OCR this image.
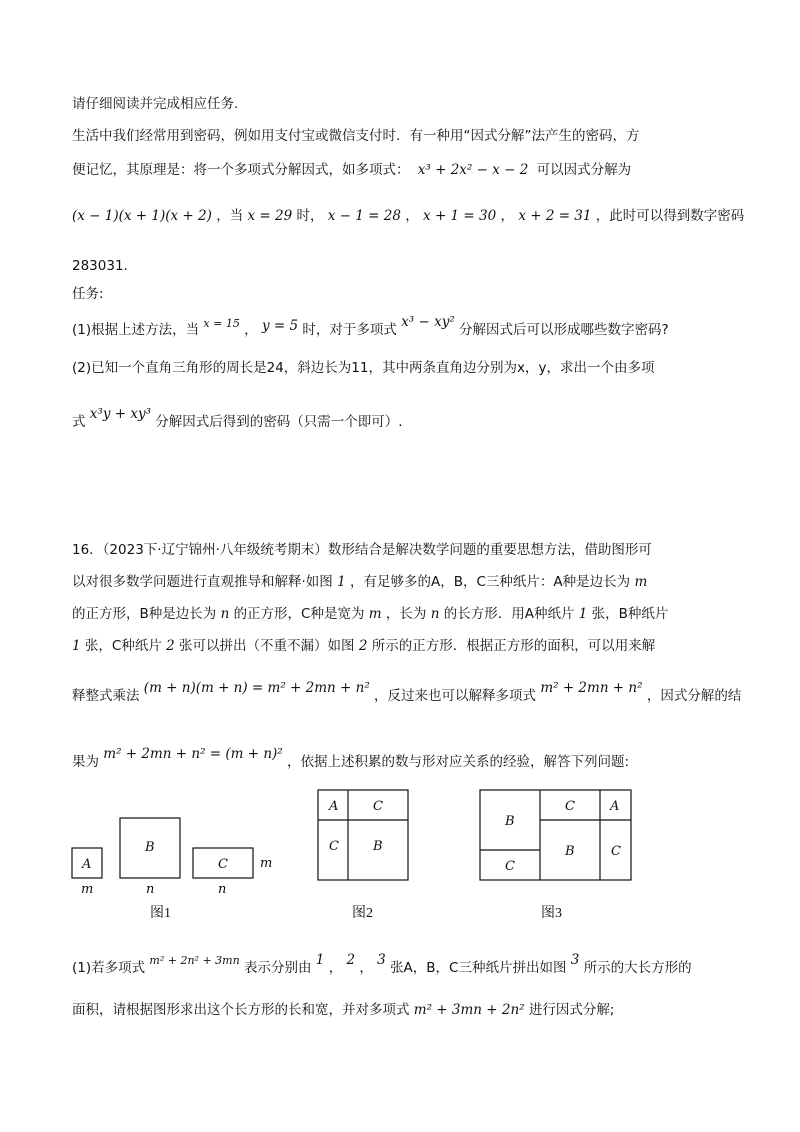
请仔细阅读并完成相应任务.
生活中我们经常用到密码，例如用支付宝或微信支付时．有一种用“因式分解”法产生的密码，方
便记忆，其原理是：将一个多项式分解因式，如多项式： x³ + 2x² − x − 2 可以因式分解为
(x − 1)(x + 1)(x + 2) ，当 x = 29 时， x − 1 = 28 ， x + 1 = 30 ， x + 2 = 31 ，此时可以得到数字密码
283031.
任务:
(1)根据上述方法，当 $^{x = 15}$ ， y = 5 时，对于多项式 x³ − xy² 分解因式后可以形成哪些数字密码?
(2)已知一个直角三角形的周长是24，斜边长为11，其中两条直角边分别为x，y，求出一个由多项
式 x³y + xy³ 分解因式后得到的密码（只需一个即可）.
16．（2023下·辽宁锦州·八年级统考期末）数形结合是解决数学问题的重要思想方法，借助图形可
以对很多数学问题进行直观推导和解释·如图 1 ，有足够多的A，B，C三种纸片：A种是边长为 m
的正方形，B种是边长为 n 的正方形，C种是宽为 m ，长为 n 的长方形．用A种纸片 1 张，B种纸片
1 张，C种纸片 2 张可以拼出（不重不漏）如图 2 所示的正方形．根据正方形的面积，可以用来解
释整式乘法 (m + n)(m + n) = m² + 2mn + n² ，反过来也可以解释多项式 m² + 2mn + n² ，因式分解的结
果为 m² + 2mn + n² = (m + n)² ，依据上述积累的数与形对应关系的经验，解答下列问题:
A
B
C
m	n	n
m
A	C
C	B
B
C
C
A
B	C
图1	图2	图3
(1)若多项式 $^{m^2 + 2n^2 + 3mn}$ 表示分别由 1 ， 2 ， 3 张A，B，C三种纸片拼出如图 3 所示的大长方形的
面积，请根据图形求出这个长方形的长和宽，并对多项式 m² + 3mn + 2n² 进行因式分解;
